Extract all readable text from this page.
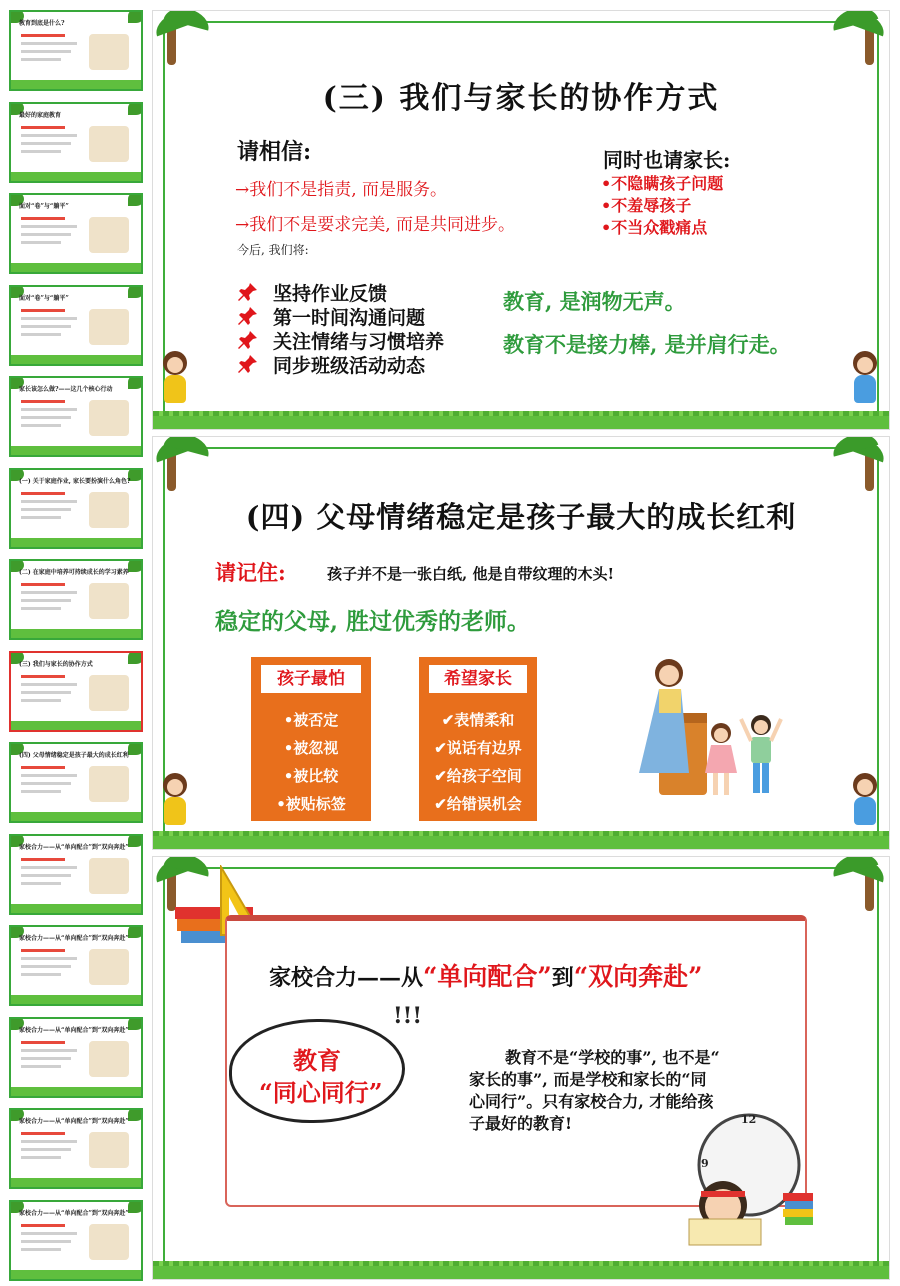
教育到底是什么?
最好的家庭教育
面对“卷”与“躺平”
面对“卷”与“躺平”
家长该怎么做?——这几个核心行动
(一) 关于家庭作业, 家长要扮演什么角色?
(二) 在家庭中培养可持续成长的学习素养
(三) 我们与家长的协作方式
(四) 父母情绪稳定是孩子最大的成长红利
家校合力——从“单向配合”到“双向奔赴”
家校合力——从“单向配合”到“双向奔赴”
家校合力——从“单向配合”到“双向奔赴”
家校合力——从“单向配合”到“双向奔赴”
家校合力——从“单向配合”到“双向奔赴”
(三) 我们与家长的协作方式
请相信:
→我们不是指责, 而是服务。
→我们不是要求完美, 而是共同进步。
今后, 我们将:
坚持作业反馈
第一时间沟通问题
关注情绪与习惯培养
同步班级活动动态
同时也请家长:
•不隐瞒孩子问题
•不羞辱孩子
•不当众戳痛点
教育, 是润物无声。
教育不是接力棒, 是并肩行走。
(四) 父母情绪稳定是孩子最大的成长红利
请记住:	孩子并不是一张白纸, 他是自带纹理的木头!
稳定的父母, 胜过优秀的老师。
孩子最怕
•被否定
•被忽视
•被比较
•被贴标签
希望家长
✔表情柔和
✔说话有边界
✔给孩子空间
✔给错误机会
家校合力——从“单向配合”到“双向奔赴”
!!!
教育
“同心同行”
教育不是“学校的事”, 也不是“
家长的事”, 而是学校和家长的“同
心同行”。只有家校合力, 才能给孩
子最好的教育!	12
9
